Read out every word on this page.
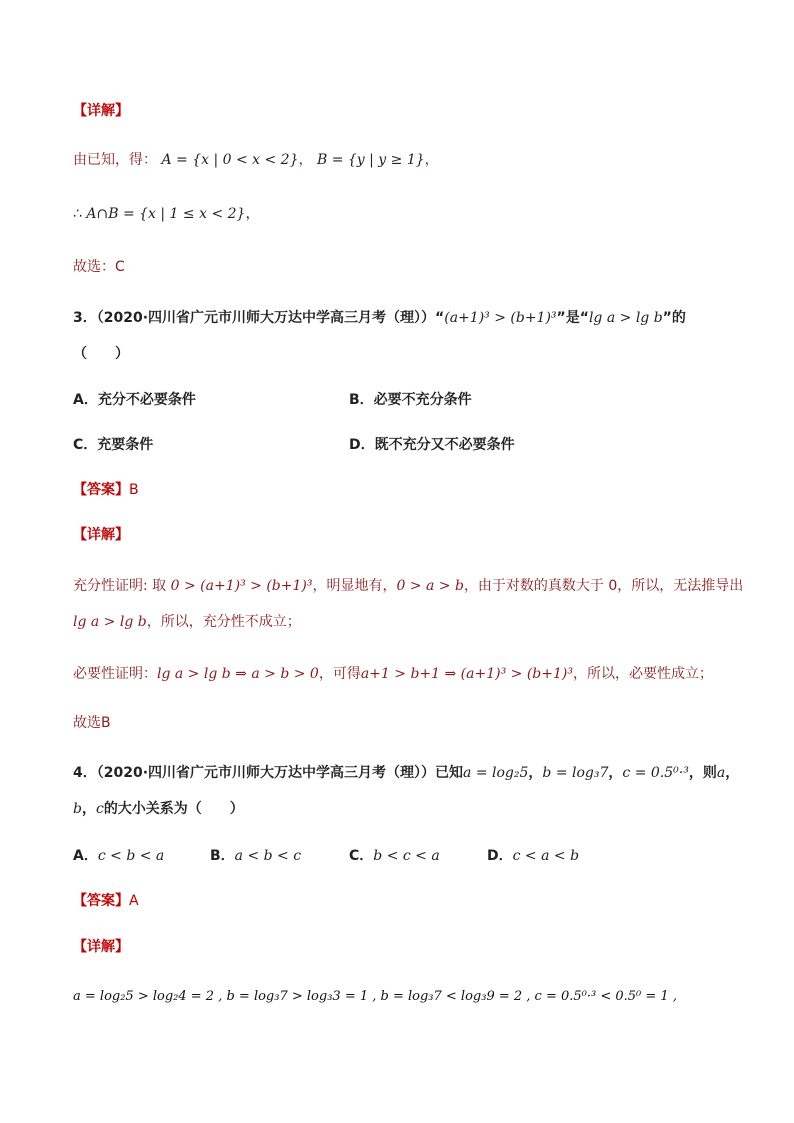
【详解】
由已知，得： A = {x | 0 < x < 2}， B = {y | y ≥ 1}，
∴ A∩B = {x | 1 ≤ x < 2}，
故选：C
3．（2020·四川省广元市川师大万达中学高三月考（理））“(a+1)³ > (b+1)³”是“lg a > lg b”的
（　　）
A．充分不必要条件	B．必要不充分条件
C．充要条件	D．既不充分又不必要条件
【答案】B
【详解】
充分性证明: 取 0 > (a+1)³ > (b+1)³，明显地有，0 > a > b，由于对数的真数大于 0，所以，无法推导出
lg a > lg b，所以，充分性不成立；
必要性证明：lg a > lg b ⇒ a > b > 0，可得a+1 > b+1 ⇒ (a+1)³ > (b+1)³，所以，必要性成立；
故选B
4．（2020·四川省广元市川师大万达中学高三月考（理））已知a = log₂5，b = log₃7，c = 0.5⁰·³，则a，
b，c的大小关系为（　　）
A．c < b < a	B．a < b < c	C．b < c < a	D．c < a < b
【答案】A
【详解】
a = log₂5 > log₂4 = 2 , b = log₃7 > log₃3 = 1 , b = log₃7 < log₃9 = 2 , c = 0.5⁰·³ < 0.5⁰ = 1 ,
